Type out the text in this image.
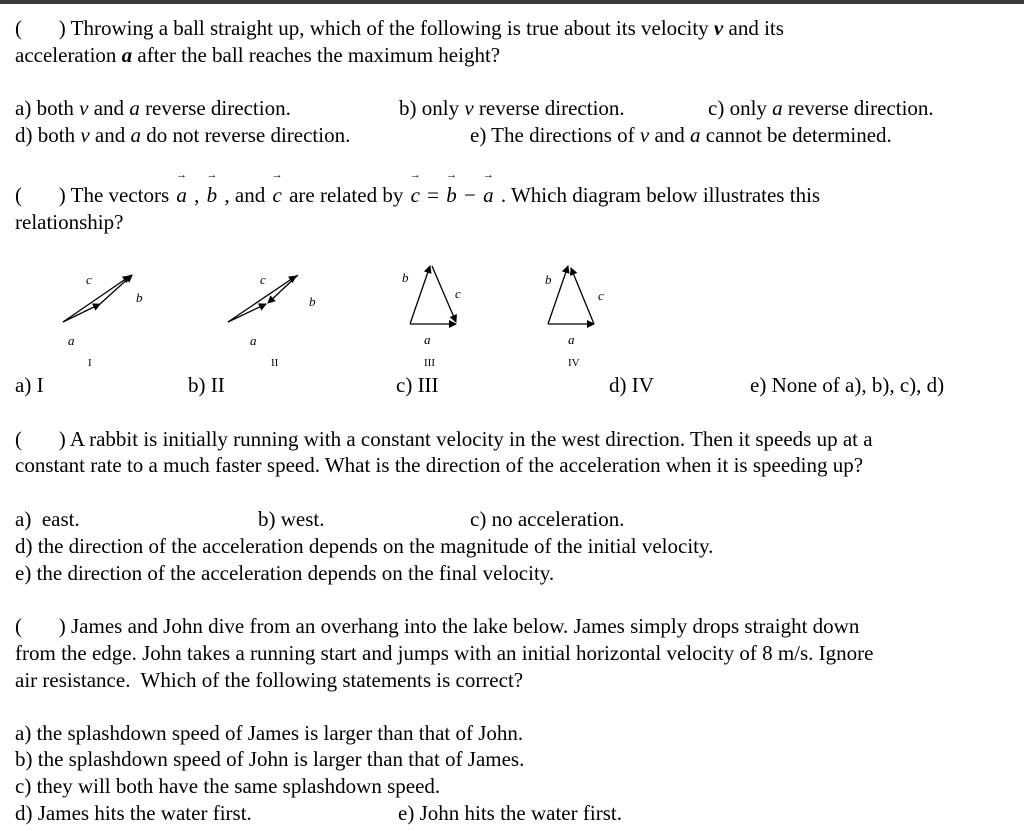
(       ) Throwing a ball straight up, which of the following is true about its velocity v and its
acceleration a after the ball reaches the maximum height?
a) both v and a reverse direction.	b) only v reverse direction.	c) only a reverse direction.
d) both v and a do not reverse direction.	e) The directions of v and a cannot be determined.
(       ) The vectors → a , → b , and → c are related by → c = → b − → a . Which diagram below illustrates this
relationship?
a
b
c
I
a
b
c
II
a
b
c
III
a
b
c
IV
a) I	b) II	c) III	d) IV	e) None of a), b), c), d)
(       ) A rabbit is initially running with a constant velocity in the west direction. Then it speeds up at a
constant rate to a much faster speed. What is the direction of the acceleration when it is speeding up?
a)  east.	b) west.	c) no acceleration.
d) the direction of the acceleration depends on the magnitude of the initial velocity.
e) the direction of the acceleration depends on the final velocity.
(       ) James and John dive from an overhang into the lake below. James simply drops straight down
from the edge. John takes a running start and jumps with an initial horizontal velocity of 8 m/s. Ignore
air resistance.  Which of the following statements is correct?
a) the splashdown speed of James is larger than that of John.
b) the splashdown speed of John is larger than that of James.
c) they will both have the same splashdown speed.
d) James hits the water first.	e) John hits the water first.
